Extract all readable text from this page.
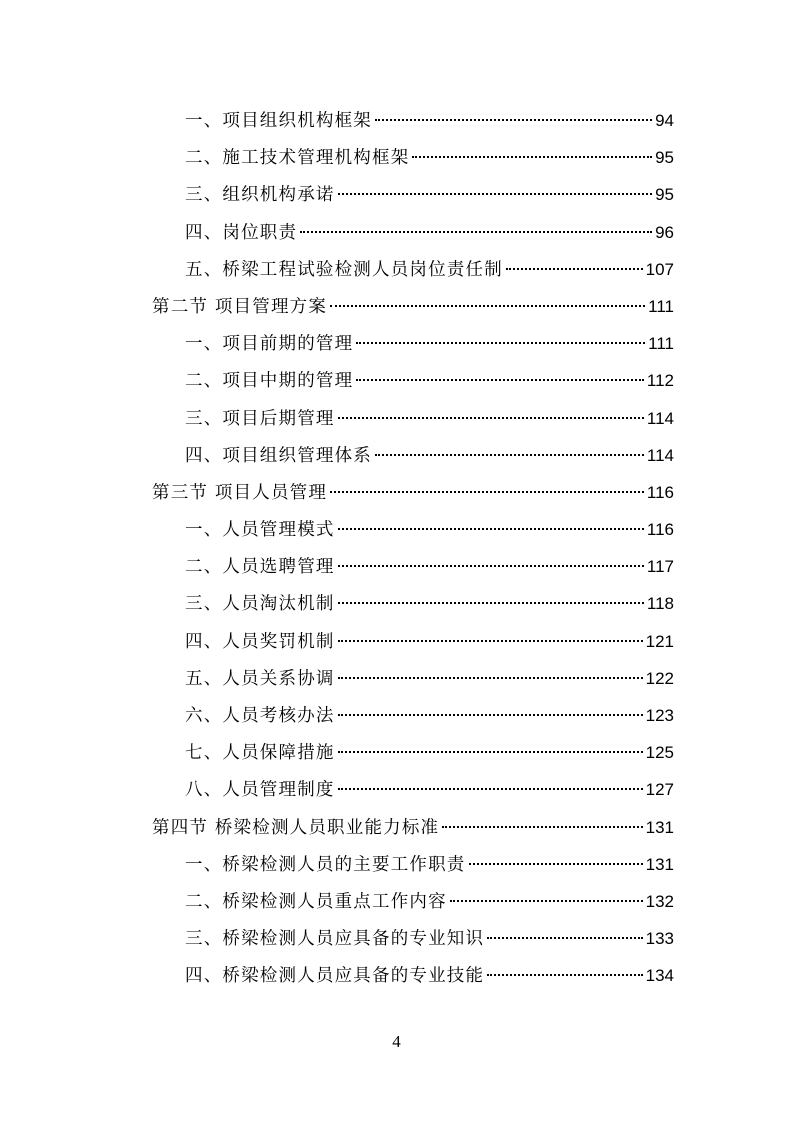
一、项目组织机构框架	94
二、施工技术管理机构框架	95
三、组织机构承诺	95
四、岗位职责	96
五、桥梁工程试验检测人员岗位责任制	107
第二节 项目管理方案	111
一、项目前期的管理	111
二、项目中期的管理	112
三、项目后期管理	114
四、项目组织管理体系	114
第三节 项目人员管理	116
一、人员管理模式	116
二、人员选聘管理	117
三、人员淘汰机制	118
四、人员奖罚机制	121
五、人员关系协调	122
六、人员考核办法	123
七、人员保障措施	125
八、人员管理制度	127
第四节 桥梁检测人员职业能力标准	131
一、桥梁检测人员的主要工作职责	131
二、桥梁检测人员重点工作内容	132
三、桥梁检测人员应具备的专业知识	133
四、桥梁检测人员应具备的专业技能	134
4
